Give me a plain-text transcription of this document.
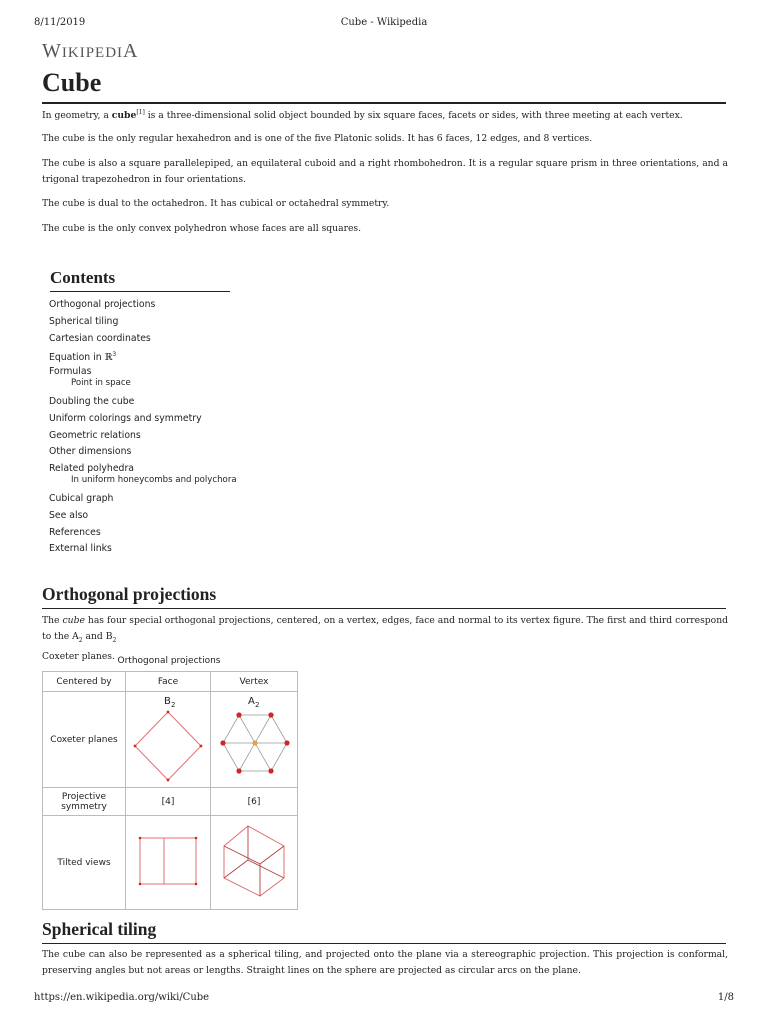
8/11/2019	Cube - Wikipedia
WIKIPEDIA
Cube

In geometry, a cube[1] is a three-dimensional solid object bounded by six square faces, facets or sides, with three meeting at each vertex.

The cube is the only regular hexahedron and is one of the five Platonic solids. It has 6 faces, 12 edges, and 8 vertices.

The cube is also a square parallelepiped, an equilateral cuboid and a right rhombohedron. It is a regular square prism in three orientations, and a trigonal trapezohedron in four orientations.

The cube is dual to the octahedron. It has cubical or octahedral symmetry.

The cube is the only convex polyhedron whose faces are all squares.

Contents
Orthogonal projections
Spherical tiling
Cartesian coordinates
Equation in ℝ$^3$
Formulas
Point in space
Doubling the cube
Uniform colorings and symmetry
Geometric relations
Other dimensions
Related polyhedra
In uniform honeycombs and polychora
Cubical graph
See also
References
External links
Orthogonal projections

The cube has four special orthogonal projections, centered, on a vertex, edges, face and normal to its vertex figure. The first and third correspond to the $A_2$ and $B_2$
Coxeter planes. Orthogonal projections
Centered by	Face	Vertex
Coxeter planes	B 2	A 2

Projective
symmetry	[4]	[6]
Tilted views		
Spherical tiling

The cube can also be represented as a spherical tiling, and projected onto the plane via a stereographic projection. This projection is conformal, preserving angles but not areas or lengths. Straight lines on the sphere are projected as circular arcs on the plane.

https://en.wikipedia.org/wiki/Cube	1/8
